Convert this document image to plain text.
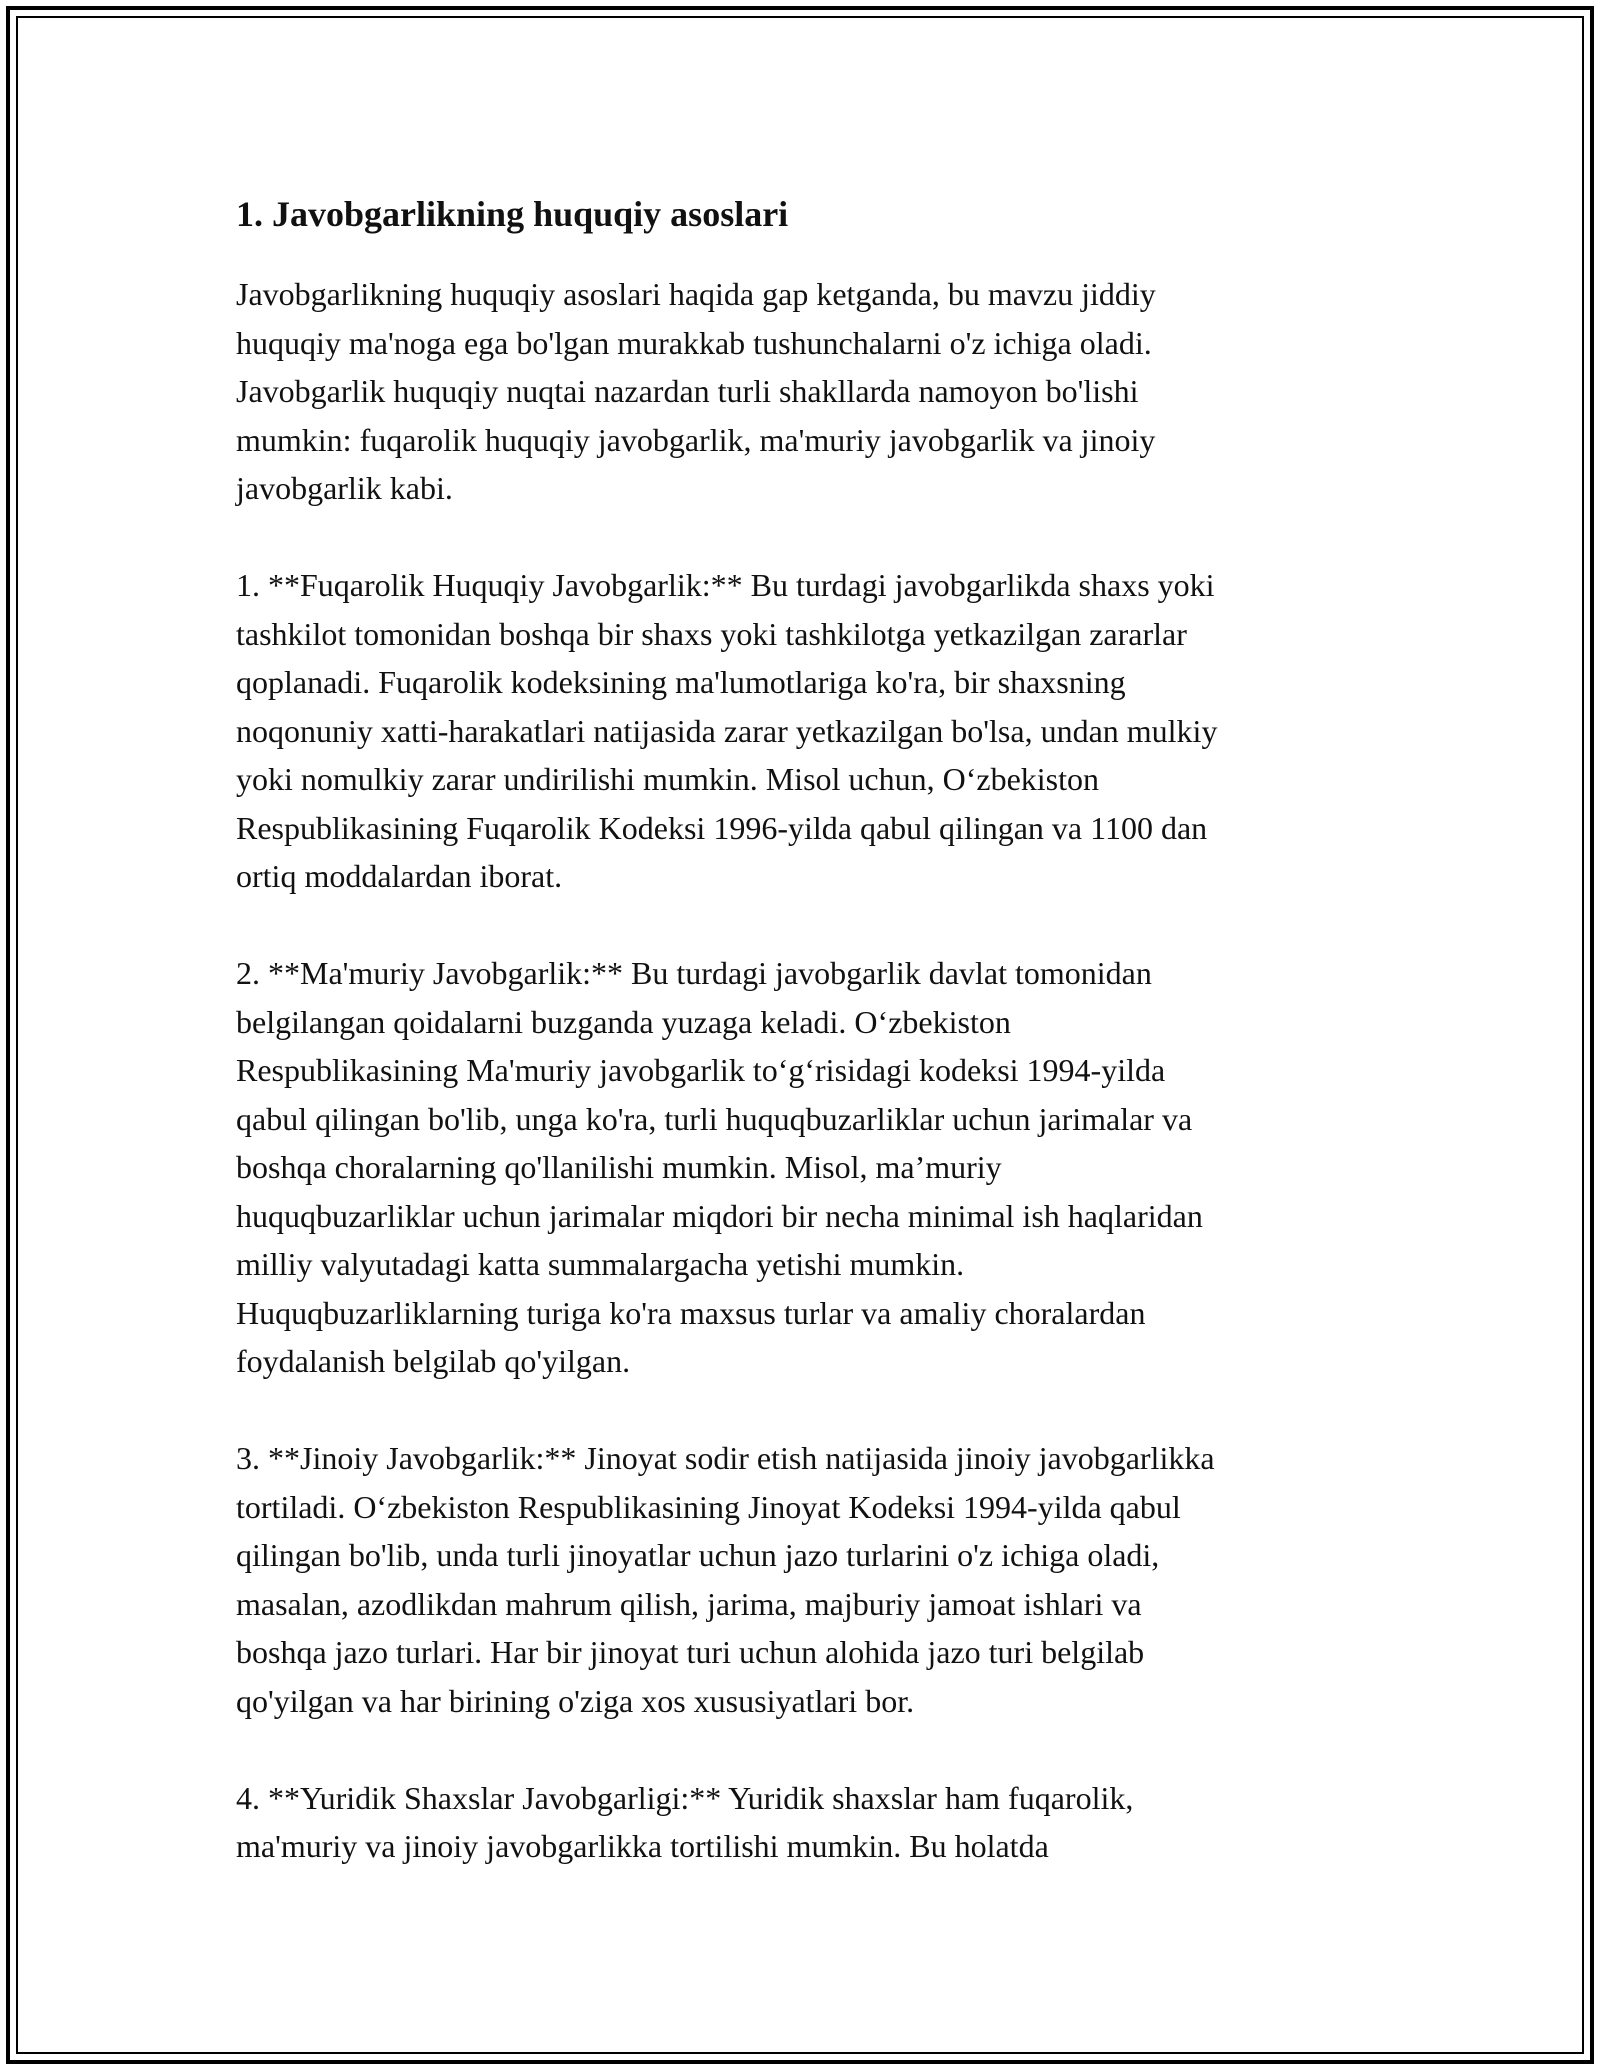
1. Javobgarlikning huquqiy asoslari
Javobgarlikning huquqiy asoslari haqida gap ketganda, bu mavzu jiddiy
huquqiy ma'noga ega bo'lgan murakkab tushunchalarni o'z ichiga oladi.
Javobgarlik huquqiy nuqtai nazardan turli shakllarda namoyon bo'lishi
mumkin: fuqarolik huquqiy javobgarlik, ma'muriy javobgarlik va jinoiy
javobgarlik kabi.
1. **Fuqarolik Huquqiy Javobgarlik:** Bu turdagi javobgarlikda shaxs yoki
tashkilot tomonidan boshqa bir shaxs yoki tashkilotga yetkazilgan zararlar
qoplanadi. Fuqarolik kodeksining ma'lumotlariga ko'ra, bir shaxsning
noqonuniy xatti-harakatlari natijasida zarar yetkazilgan bo'lsa, undan mulkiy
yoki nomulkiy zarar undirilishi mumkin. Misol uchun, O‘zbekiston
Respublikasining Fuqarolik Kodeksi 1996-yilda qabul qilingan va 1100 dan
ortiq moddalardan iborat.
2. **Ma'muriy Javobgarlik:** Bu turdagi javobgarlik davlat tomonidan
belgilangan qoidalarni buzganda yuzaga keladi. O‘zbekiston
Respublikasining Ma'muriy javobgarlik to‘g‘risidagi kodeksi 1994-yilda
qabul qilingan bo'lib, unga ko'ra, turli huquqbuzarliklar uchun jarimalar va
boshqa choralarning qo'llanilishi mumkin. Misol, ma’muriy
huquqbuzarliklar uchun jarimalar miqdori bir necha minimal ish haqlaridan
milliy valyutadagi katta summalargacha yetishi mumkin.
Huquqbuzarliklarning turiga ko'ra maxsus turlar va amaliy choralardan
foydalanish belgilab qo'yilgan.
3. **Jinoiy Javobgarlik:** Jinoyat sodir etish natijasida jinoiy javobgarlikka
tortiladi. O‘zbekiston Respublikasining Jinoyat Kodeksi 1994-yilda qabul
qilingan bo'lib, unda turli jinoyatlar uchun jazo turlarini o'z ichiga oladi,
masalan, azodlikdan mahrum qilish, jarima, majburiy jamoat ishlari va
boshqa jazo turlari. Har bir jinoyat turi uchun alohida jazo turi belgilab
qo'yilgan va har birining o'ziga xos xususiyatlari bor.
4. **Yuridik Shaxslar Javobgarligi:** Yuridik shaxslar ham fuqarolik,
ma'muriy va jinoiy javobgarlikka tortilishi mumkin. Bu holatda
